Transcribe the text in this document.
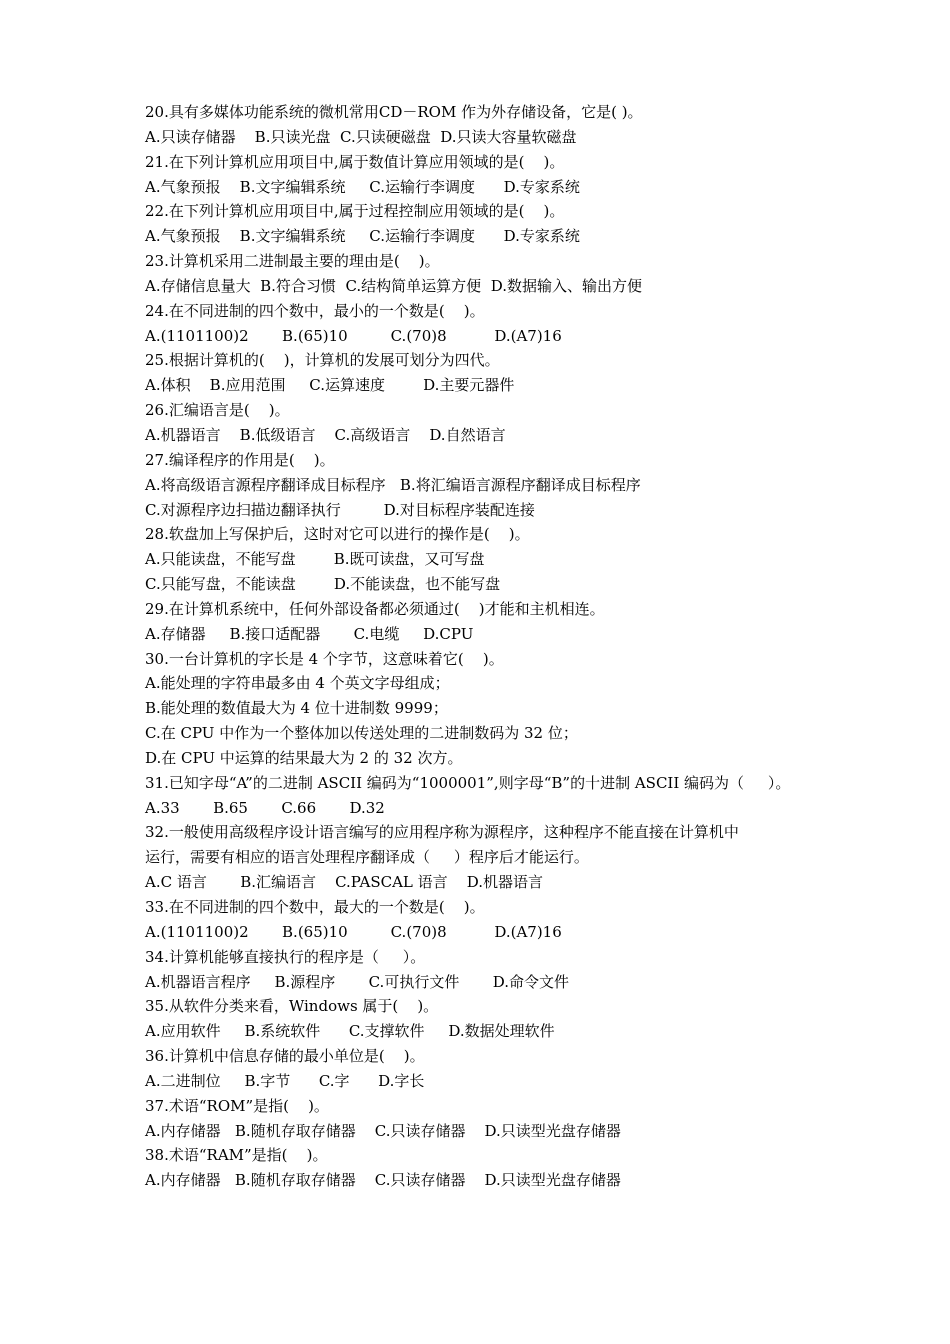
20.具有多媒体功能系统的微机常用CD－ROM 作为外存储设备，它是( )。
A.只读存储器    B.只读光盘  C.只读硬磁盘  D.只读大容量软磁盘
21.在下列计算机应用项目中,属于数值计算应用领域的是(    )。
A.气象预报    B.文字编辑系统     C.运输行李调度      D.专家系统
22.在下列计算机应用项目中,属于过程控制应用领域的是(    )。
A.气象预报    B.文字编辑系统     C.运输行李调度      D.专家系统
23.计算机采用二进制最主要的理由是(    )。
A.存储信息量大  B.符合习惯  C.结构简单运算方便  D.数据输入、输出方便
24.在不同进制的四个数中，最小的一个数是(    )。
A.(1101100)2       B.(65)10         C.(70)8          D.(A7)16
25.根据计算机的(    )，计算机的发展可划分为四代。
A.体积    B.应用范围     C.运算速度        D.主要元器件
26.汇编语言是(    )。
A.机器语言    B.低级语言    C.高级语言    D.自然语言
27.编译程序的作用是(    )。
A.将高级语言源程序翻译成目标程序   B.将汇编语言源程序翻译成目标程序
C.对源程序边扫描边翻译执行         D.对目标程序装配连接
28.软盘加上写保护后，这时对它可以进行的操作是(    )。
A.只能读盘，不能写盘        B.既可读盘，又可写盘
C.只能写盘，不能读盘        D.不能读盘，也不能写盘
29.在计算机系统中，任何外部设备都必须通过(    )才能和主机相连。
A.存储器     B.接口适配器       C.电缆     D.CPU
30.一台计算机的字长是 4 个字节，这意味着它(    )。
A.能处理的字符串最多由 4 个英文字母组成；
B.能处理的数值最大为 4 位十进制数 9999；
C.在 CPU 中作为一个整体加以传送处理的二进制数码为 32 位；
D.在 CPU 中运算的结果最大为 2 的 32 次方。
31.已知字母“A”的二进制 ASCII 编码为“1000001”,则字母“B”的十进制 ASCII 编码为（     ）。
A.33       B.65       C.66       D.32
32.一般使用高级程序设计语言编写的应用程序称为源程序，这种程序不能直接在计算机中
运行，需要有相应的语言处理程序翻译成（     ）程序后才能运行。
A.C 语言       B.汇编语言    C.PASCAL 语言    D.机器语言
33.在不同进制的四个数中，最大的一个数是(    )。
A.(1101100)2       B.(65)10         C.(70)8          D.(A7)16
34.计算机能够直接执行的程序是（     ）。
A.机器语言程序     B.源程序       C.可执行文件       D.命令文件
35.从软件分类来看，Windows 属于(    )。
A.应用软件     B.系统软件      C.支撑软件     D.数据处理软件
36.计算机中信息存储的最小单位是(    )。
A.二进制位     B.字节      C.字      D.字长
37.术语“ROM”是指(    )。
A.内存储器   B.随机存取存储器    C.只读存储器    D.只读型光盘存储器
38.术语“RAM”是指(    )。
A.内存储器   B.随机存取存储器    C.只读存储器    D.只读型光盘存储器
